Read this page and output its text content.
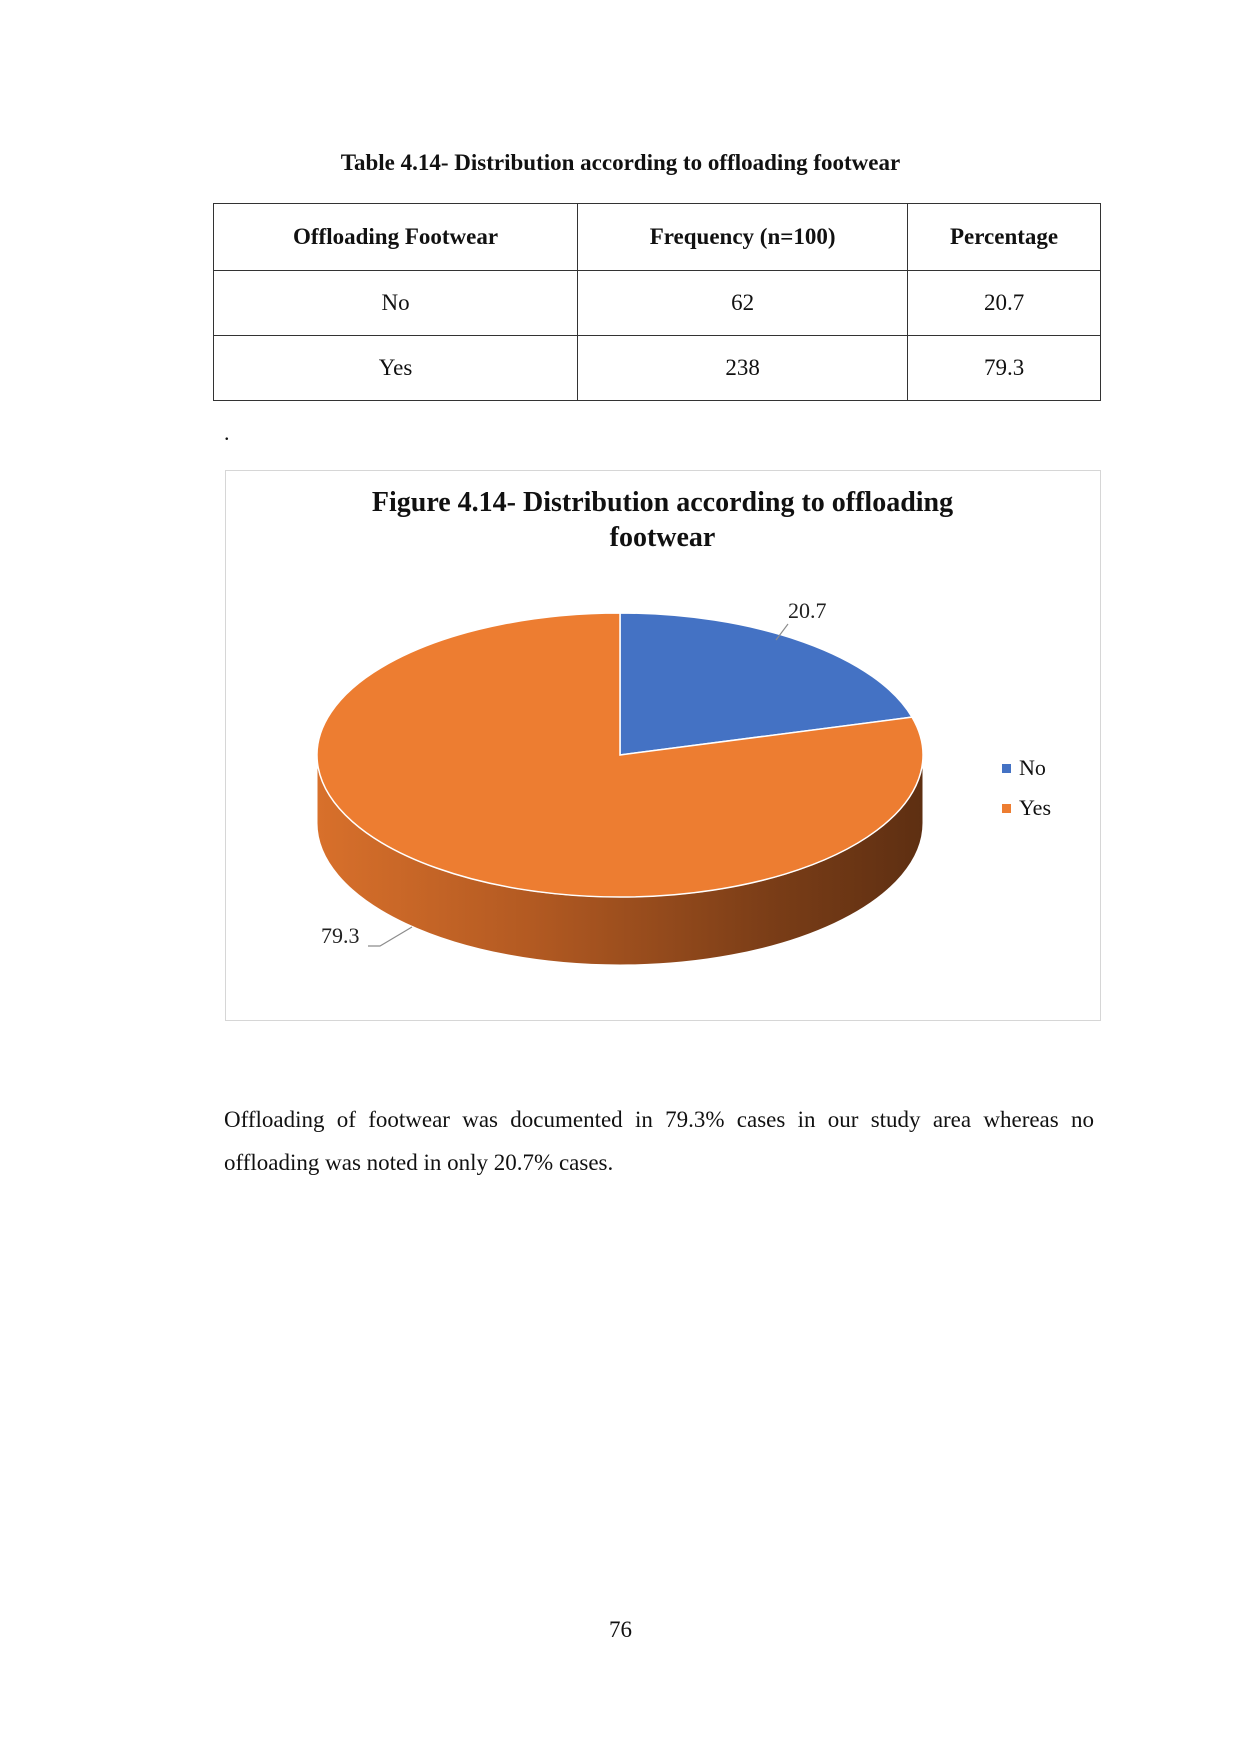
Table 4.14- Distribution according to offloading footwear
Offloading Footwear	Frequency (n=100)	Percentage
No	62	20.7
Yes	238	79.3
.
Figure 4.14- Distribution according to offloading
footwear
20.7
79.3
No
Yes
Offloading of footwear was documented in 79.3% cases in our study area whereas no offloading was noted in only 20.7% cases.
76
